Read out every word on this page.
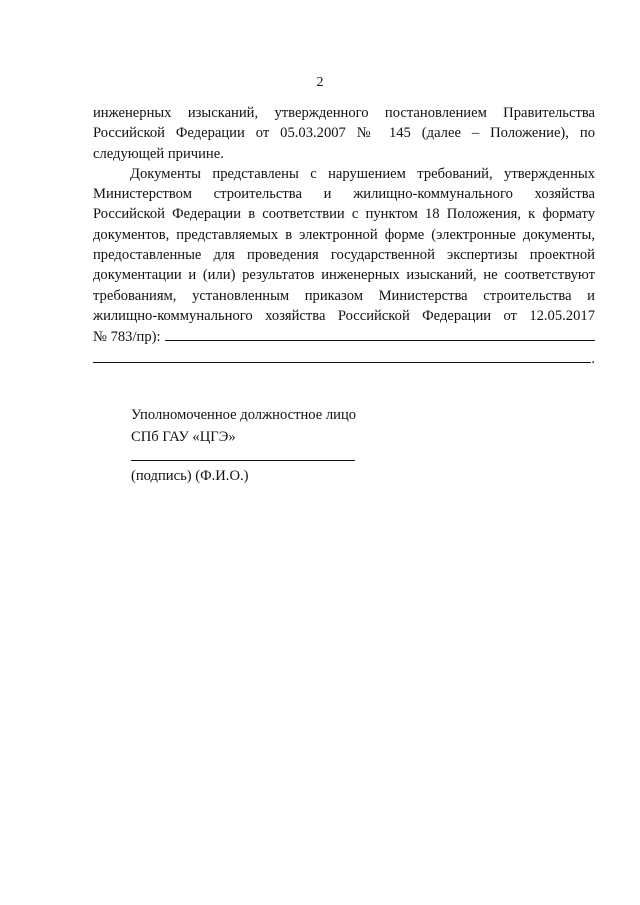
2

инженерных изысканий, утвержденного постановлением Правительства Российской Федерации от 05.03.2007 № 145 (далее – Положение), по следующей причине.

Документы представлены с нарушением требований, утвержденных Министерством строительства и жилищно-коммунального хозяйства Российской Федерации в соответствии с пунктом 18 Положения, к формату документов, представляемых в электронной форме (электронные документы, предоставленные для проведения государственной экспертизы проектной документации и (или) результатов инженерных изысканий, не соответствуют требованиям, установленным приказом Министерства строительства и жилищно-коммунального хозяйства Российской Федерации от 12.05.2017

№ 783/пр):
.
Уполномоченное должностное лицо
СПб ГАУ «ЦГЭ»
(подпись) (Ф.И.О.)
